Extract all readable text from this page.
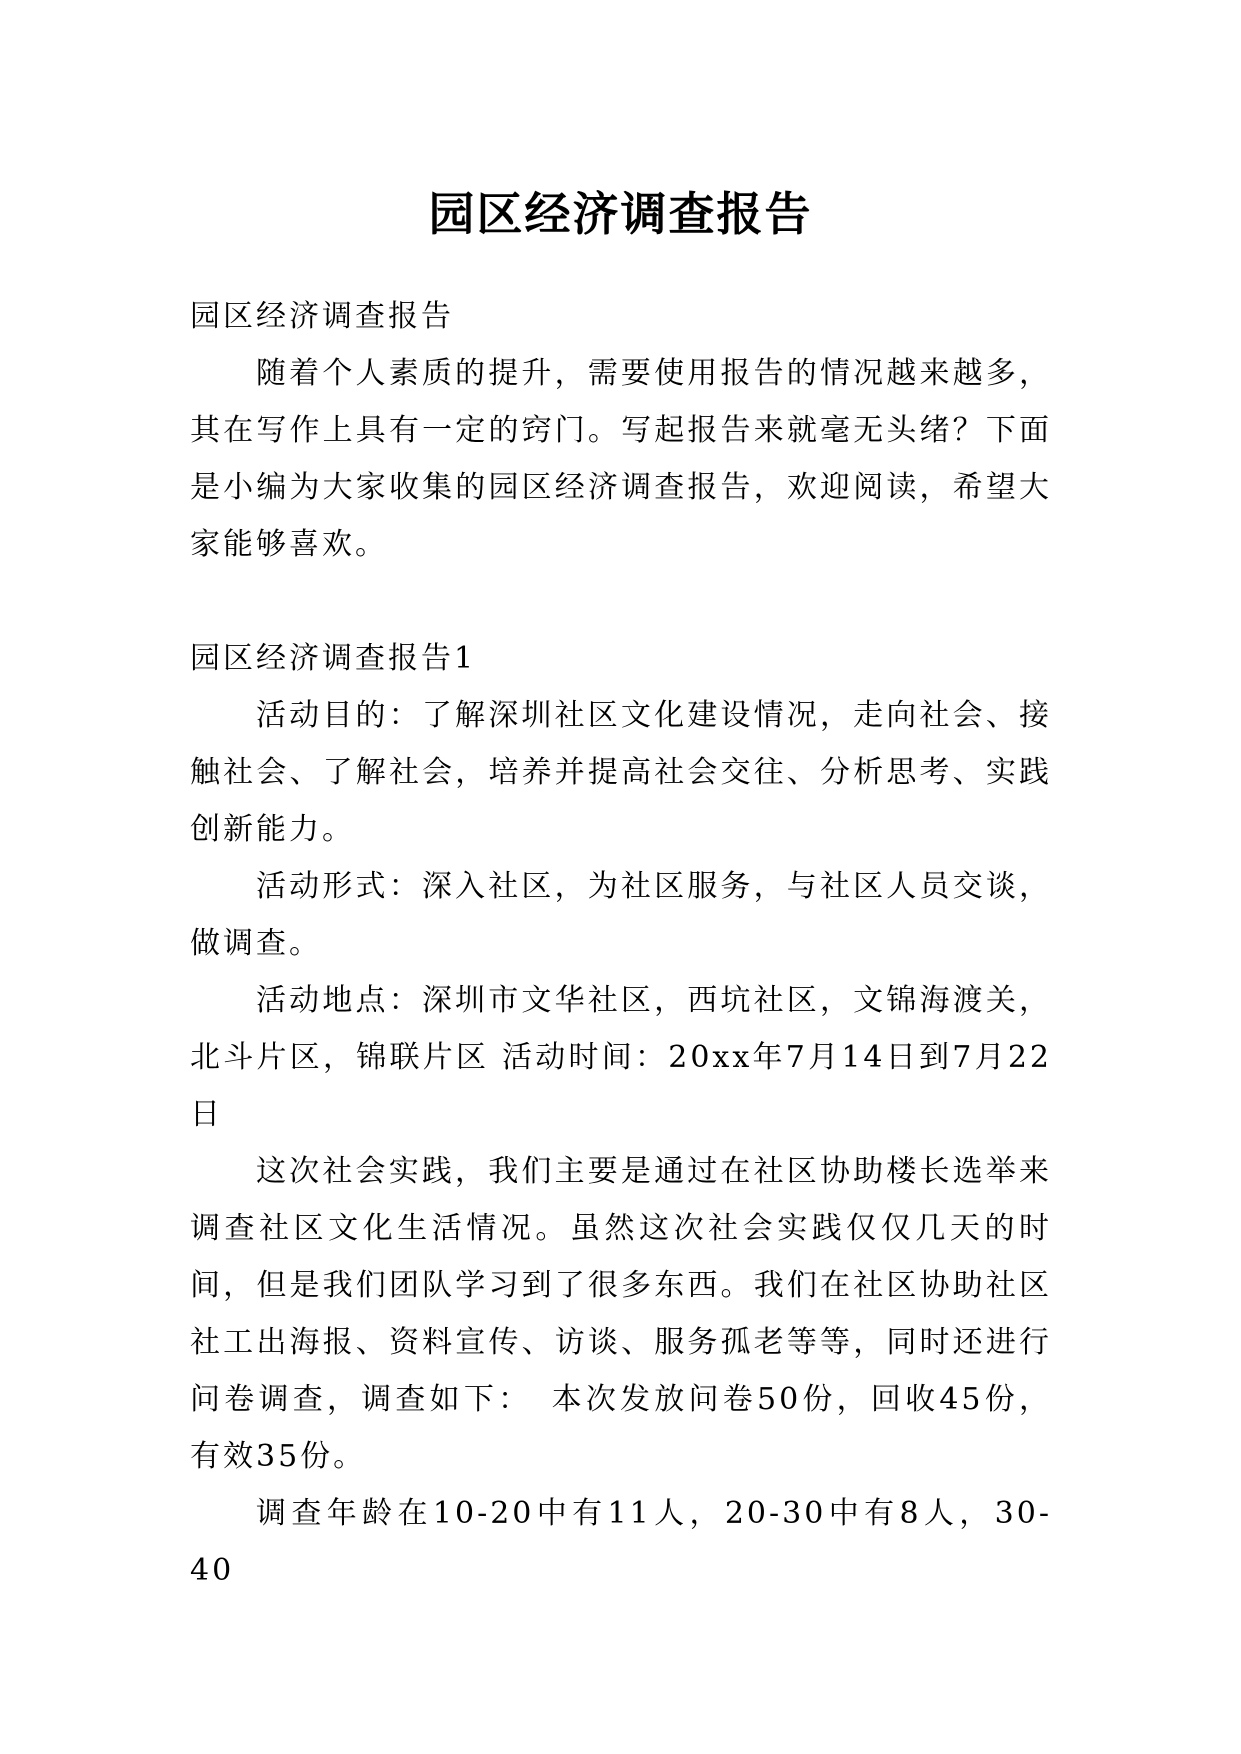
园区经济调查报告

园区经济调查报告

随着个人素质的提升，需要使用报告的情况越来越多，其在写作上具有一定的窍门。写起报告来就毫无头绪？下面是小编为大家收集的园区经济调查报告，欢迎阅读，希望大家能够喜欢。

园区经济调查报告1

活动目的：了解深圳社区文化建设情况，走向社会、接触社会、了解社会，培养并提高社会交往、分析思考、实践创新能力。

活动形式：深入社区，为社区服务，与社区人员交谈，做调查。

活动地点：深圳市文华社区，西坑社区，文锦海渡关，北斗片区，锦联片区 活动时间：20xx年7月14日到7月22日

这次社会实践，我们主要是通过在社区协助楼长选举来调查社区文化生活情况。虽然这次社会实践仅仅几天的时间，但是我们团队学习到了很多东西。我们在社区协助社区社工出海报、资料宣传、访谈、服务孤老等等，同时还进行问卷调查，调查如下：　本次发放问卷50份，回收45份，有效35份。

调查年龄在10-20中有11人，20-30中有8人，30-40
